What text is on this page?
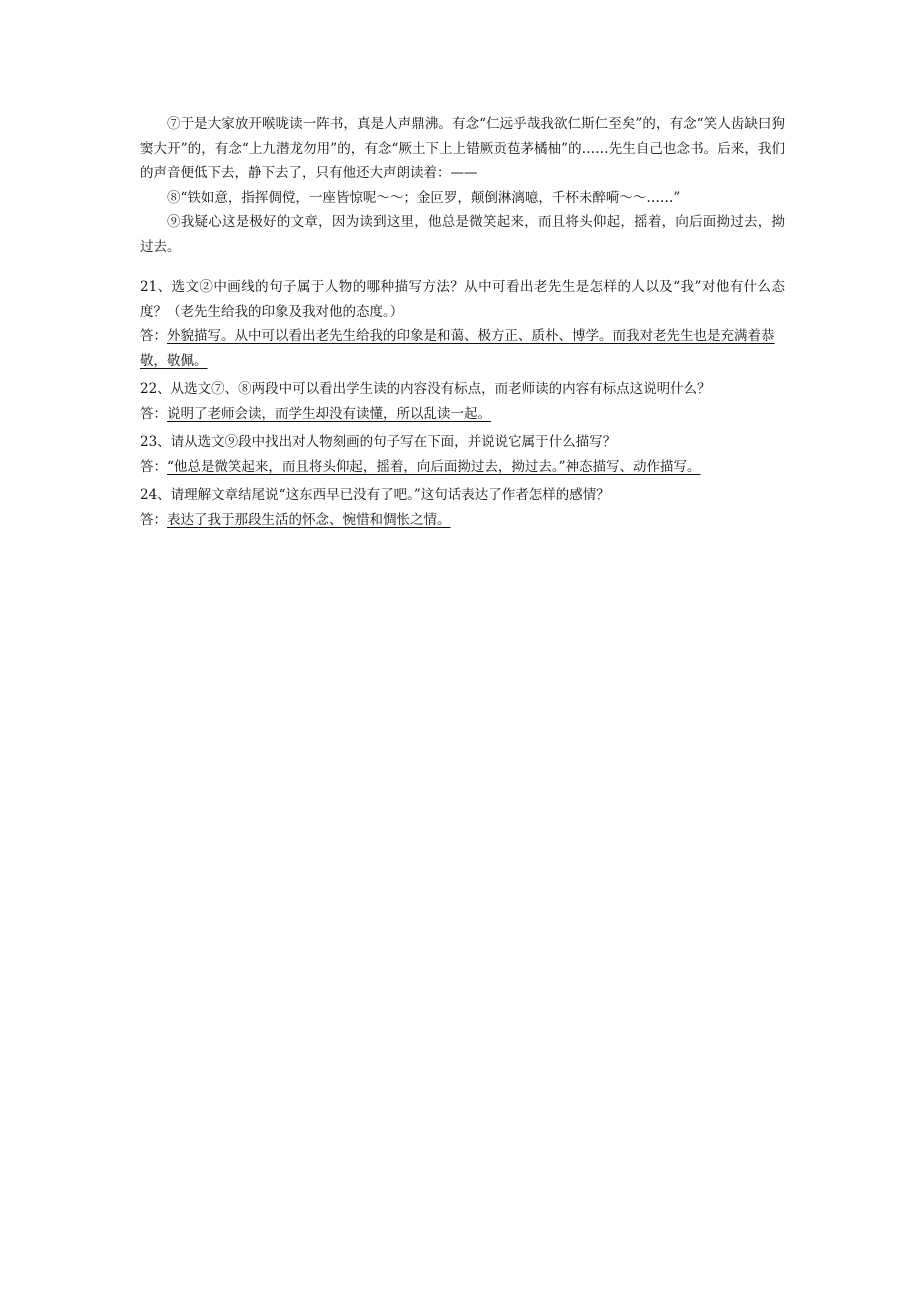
⑦于是大家放开喉咙读一阵书，真是人声鼎沸。有念“仁远乎哉我欲仁斯仁至矣”的，有念“笑人齿缺曰狗窦大开”的，有念“上九潜龙勿用”的，有念“厥土下上上错厥贡苞茅橘柚”的……先生自己也念书。后来，我们的声音便低下去，静下去了，只有他还大声朗读着：——

⑧“铁如意，指挥倜傥，一座皆惊呢～～；金叵罗，颠倒淋漓噫，千杯未醉嗬～～……”

⑨我疑心这是极好的文章，因为读到这里，他总是微笑起来，而且将头仰起，摇着，向后面拗过去，拗过去。

21、选文②中画线的句子属于人物的哪种描写方法？从中可看出老先生是怎样的人以及“我”对他有什么态度？（老先生给我的印象及我对他的态度。）

答：外貌描写。从中可以看出老先生给我的印象是和蔼、极方正、质朴、博学。而我对老先生也是充满着恭敬，敬佩。

22、从选文⑦、⑧两段中可以看出学生读的内容没有标点，而老师读的内容有标点这说明什么？

答：说明了老师会读，而学生却没有读懂，所以乱读一起。

23、请从选文⑨段中找出对人物刻画的句子写在下面，并说说它属于什么描写？

答：“他总是微笑起来，而且将头仰起，摇着，向后面拗过去，拗过去。”神态描写、动作描写。

24、请理解文章结尾说“这东西早已没有了吧。”这句话表达了作者怎样的感情？

答：表达了我于那段生活的怀念、惋惜和惆怅之情。
